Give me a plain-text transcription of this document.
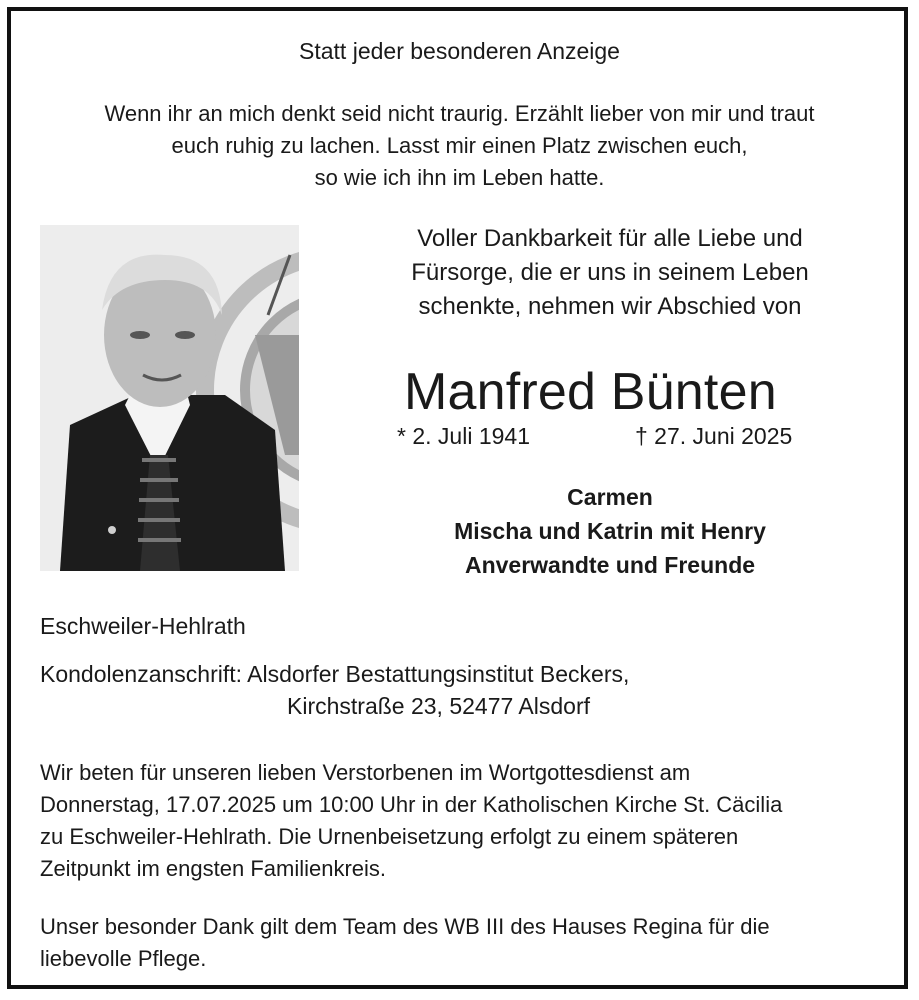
Statt jeder besonderen Anzeige
Wenn ihr an mich denkt seid nicht traurig. Erzählt lieber von mir und traut
euch ruhig zu lachen. Lasst mir einen Platz zwischen euch,
so wie ich ihn im Leben hatte.
Voller Dankbarkeit für alle Liebe und
Fürsorge, die er uns in seinem Leben
schenkte, nehmen wir Abschied von
Manfred Bünten
* 2. Juli 1941	† 27. Juni 2025
Carmen
Mischa und Katrin mit Henry
Anverwandte und Freunde
Eschweiler-Hehlrath
Kondolenzanschrift: Alsdorfer Bestattungsinstitut Beckers,
Kirchstraße 23, 52477 Alsdorf
Wir beten für unseren lieben Verstorbenen im Wortgottesdienst am
Donnerstag, 17.07.2025 um 10:00 Uhr in der Katholischen Kirche St. Cäcilia
zu Eschweiler-Hehlrath. Die Urnenbeisetzung erfolgt zu einem späteren
Zeitpunkt im engsten Familienkreis.
Unser besonder Dank gilt dem Team des WB III des Hauses Regina für die
liebevolle Pflege.
